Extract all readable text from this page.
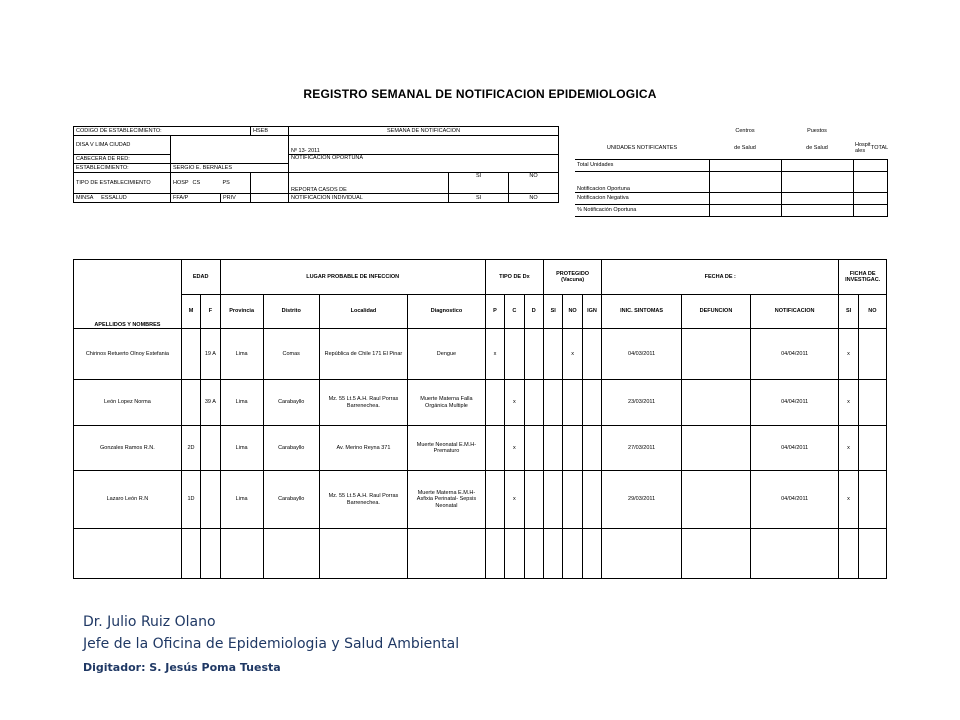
REGISTRO SEMANAL DE NOTIFICACION EPIDEMIOLOGICA
CODIGO DE ESTABLECIMIENTO:				HSEB	SEMANA DE NOTIFICACION		
DISA V LIMA CIUDAD					Nº 13- 2011		
CABECERA DE RED:					NOTIFICACION OPORTUNA		
ESTABLECIMIENTO:	SERGIO E. BERNALES						
TIPO DE ESTABLECIMIENTO	HOSP	CS	PS		REPORTA CASOS DE	SI	NO
MINSA ESSALUD	FFA/P		PRIV		NOTIFICACION INDIVIDUAL	SI	NO
		Centros	Puestos		
UNIDADES NOTIFICANTES		de Salud	de Salud	Hospit ales	TOTAL
Total Unidades					
Notificacion Oportuna					
Notificacion Negativa					
% Notificación Oportuna					
APELLIDOS Y NOMBRES	EDAD		LUGAR PROBABLE DE INFECCION				TIPO DE Dx			PROTEGIDO (Vacuna)			FECHA DE :			FICHA DE INVESTIGAC.	
	M	F	Provincia	Distrito	Localidad	Diagnostico	P	C	D	SI	NO	IGN	INIC. SINTOMAS	DEFUNCION	NOTIFICACION	SI	NO
Chirinos Retuerto Olnoy Estefania		19 A	Lima	Comas	República de Chile 171 El Pinar	Dengue	x				x		04/03/2011		04/04/2011	x	
León Lopez Norma		39 A	Lima	Carabayllo	Mz. 55 Lt.5 A.H. Raul Porras Barrenechea.	Muerte Materna Falla Orgánica Multiple		x					23/03/2011		04/04/2011	x	
Gonzales Ramos R.N.	2D		Lima	Carabayllo	Av. Merino Reyna 371	Muerte Neonatal E.M.H- Prematuro		x					27/03/2011		04/04/2011	x	
Lazaro León R.N	1D		Lima	Carabayllo	Mz. 55 Lt.5 A.H. Raul Porras Barrenechea.	Muerte Materna E.M.H- Asfixia Perinatal- Sepsis Neonatal		x					29/03/2011		04/04/2011	x	

Dr. Julio Ruiz Olano
Jefe de la Oficina de Epidemiologia y Salud Ambiental
Digitador: S. Jesús Poma Tuesta
